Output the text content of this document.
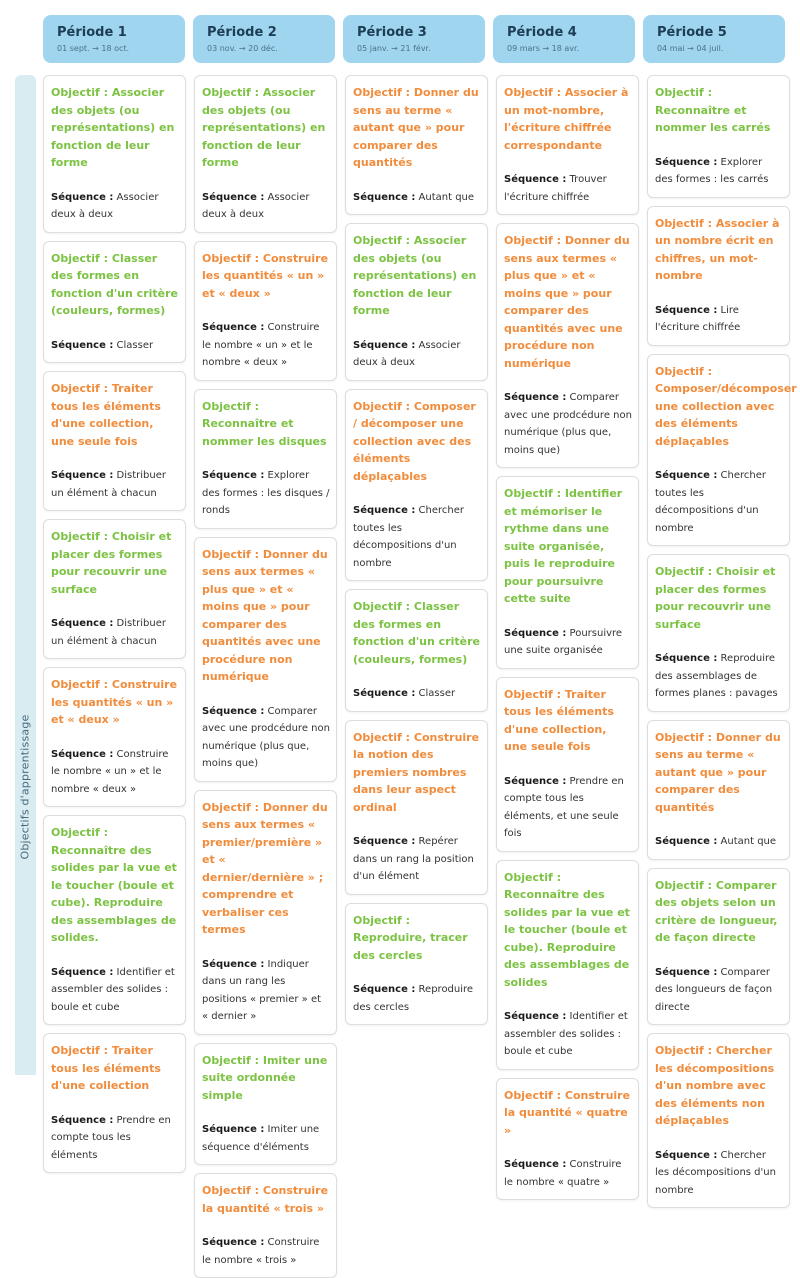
Période 1
01 sept. → 18 oct.
Période 2
03 nov. → 20 déc.
Période 3
05 janv. → 21 févr.
Période 4
09 mars → 18 avr.
Période 5
04 mai → 04 juil.
Objectifs d'apprentissage
Objectif : Associer des objets (ou représentations) en fonction de leur forme
Séquence : Associer deux à deux
Objectif : Classer des formes en fonction d'un critère (couleurs, formes)
Séquence : Classer
Objectif : Traiter tous les éléments d'une collection, une seule fois
Séquence : Distribuer un élément à chacun
Objectif : Choisir et placer des formes pour recouvrir une surface
Séquence : Distribuer un élément à chacun
Objectif : Construire les quantités « un » et « deux »
Séquence : Construire le nombre « un » et le nombre « deux »
Objectif : Reconnaître des solides par la vue et le toucher (boule et cube). Reproduire des assemblages de solides.
Séquence : Identifier et assembler des solides : boule et cube
Objectif : Traiter tous les éléments d'une collection
Séquence : Prendre en compte tous les éléments
Objectif : Associer des objets (ou représentations) en fonction de leur forme
Séquence : Associer deux à deux
Objectif : Construire les quantités « un » et « deux »
Séquence : Construire le nombre « un » et le nombre « deux »
Objectif : Reconnaître et nommer les disques
Séquence : Explorer des formes : les disques / ronds
Objectif : Donner du sens aux termes « plus que » et « moins que » pour comparer des quantités avec une procédure non numérique
Séquence : Comparer avec une prodcédure non numérique (plus que, moins que)
Objectif : Donner du sens aux termes « premier/première » et « dernier/dernière » ; comprendre et verbaliser ces termes
Séquence : Indiquer dans un rang les positions « premier » et « dernier »
Objectif : Imiter une suite ordonnée simple
Séquence : Imiter une séquence d'éléments
Objectif : Construire la quantité « trois »
Séquence : Construire le nombre « trois »
Objectif : Donner du sens au terme « autant que » pour comparer des quantités
Séquence : Autant que
Objectif : Associer des objets (ou représentations) en fonction de leur forme
Séquence : Associer deux à deux
Objectif : Composer / décomposer une collection avec des éléments déplaçables
Séquence : Chercher toutes les décompositions d'un nombre
Objectif : Classer des formes en fonction d'un critère (couleurs, formes)
Séquence : Classer
Objectif : Construire la notion des premiers nombres dans leur aspect ordinal
Séquence : Repérer dans un rang la position d'un élément
Objectif : Reproduire, tracer des cercles
Séquence : Reproduire des cercles
Objectif : Associer à un mot-nombre, l'écriture chiffrée correspondante
Séquence : Trouver l'écriture chiffrée
Objectif : Donner du sens aux termes « plus que » et « moins que » pour comparer des quantités avec une procédure non numérique
Séquence : Comparer avec une prodcédure non numérique (plus que, moins que)
Objectif : Identifier et mémoriser le rythme dans une suite organisée, puis le reproduire pour poursuivre cette suite
Séquence : Poursuivre une suite organisée
Objectif : Traiter tous les éléments d'une collection, une seule fois
Séquence : Prendre en compte tous les éléments, et une seule fois
Objectif : Reconnaître des solides par la vue et le toucher (boule et cube). Reproduire des assemblages de solides
Séquence : Identifier et assembler des solides : boule et cube
Objectif : Construire la quantité « quatre »
Séquence : Construire le nombre « quatre »
Objectif : Reconnaître et nommer les carrés
Séquence : Explorer des formes : les carrés
Objectif : Associer à un nombre écrit en chiffres, un mot-nombre
Séquence : Lire l'écriture chiffrée
Objectif : Composer/décomposer une collection avec des éléments déplaçables
Séquence : Chercher toutes les décompositions d'un nombre
Objectif : Choisir et placer des formes pour recouvrir une surface
Séquence : Reproduire des assemblages de formes planes : pavages
Objectif : Donner du sens au terme « autant que » pour comparer des quantités
Séquence : Autant que
Objectif : Comparer des objets selon un critère de longueur, de façon directe
Séquence : Comparer des longueurs de façon directe
Objectif : Chercher les décompositions d'un nombre avec des éléments non déplaçables
Séquence : Chercher les décompositions d'un nombre
